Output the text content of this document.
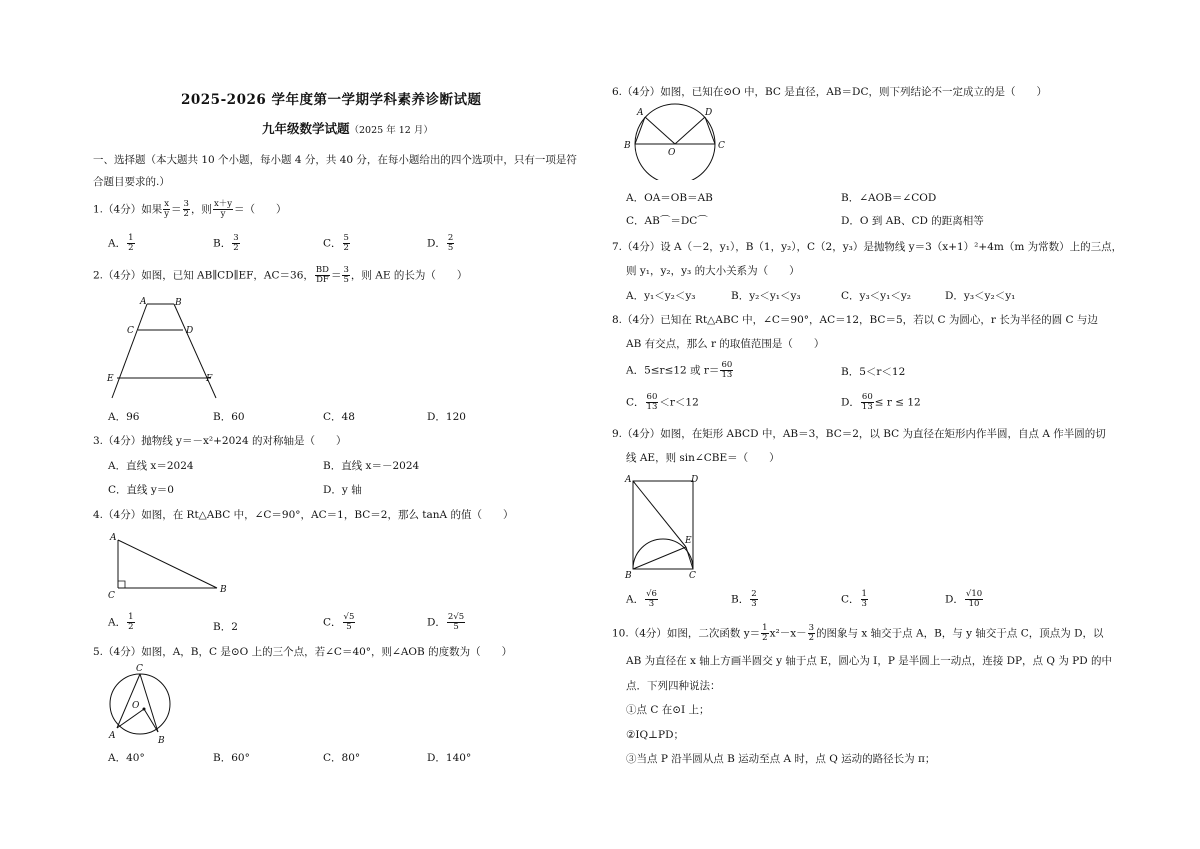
2025-2026 学年度第一学期学科素养诊断试题
九年级数学试题（2025 年 12 月）
一、选择题（本大题共 10 个小题，每小题 4 分，共 40 分，在每小题给出的四个选项中，只有一项是符
合题目要求的.）
1.（4分）如果 $\frac{x}{y} = \frac{3}{2}$ ，则 $\frac{x+y}{y}$ ＝（　　）
A． $\frac{1}{2}$	B． $\frac{3}{2}$	C． $\frac{5}{2}$	D． $\frac{2}{5}$
2.（4分）如图，已知 AB∥CD∥EF，AC＝36， $\frac{BD}{DF} = \frac{3}{5}$ ，则 AE 的长为（　　）
A	B
C	D
E	F
A．96	B．60	C．48	D．120
3.（4分）抛物线 y＝－x²+2024 的对称轴是（　　）
A．直线 x＝2024	B．直线 x＝－2024
C．直线 y＝0	D．y 轴
4.（4分）如图，在 Rt△ABC 中，∠C＝90°，AC＝1，BC＝2，那么 tanA 的值（　　）
A
C
B
A． $\frac{1}{2}$	B．2	C． $\frac{√5}{5}$	D． $\frac{2√5}{5}$
5.（4分）如图，A，B，C 是⊙O 上的三个点，若∠C＝40°，则∠AOB 的度数为（　　）
C
O
A	B
A．40°	B．60°	C．80°	D．140°
6.（4分）如图，已知在⊙O 中，BC 是直径，AB＝DC，则下列结论不一定成立的是（　　）
A	D
B
O
C
A．OA＝OB＝AB	B．∠AOB＝∠COD
C．AB⌒＝DC⌒	D．O 到 AB、CD 的距离相等
7.（4分）设 A（－2，y₁），B（1，y₂），C（2，y₃）是抛物线 y＝3（x+1）²+4m（m 为常数）上的三点，
则 y₁，y₂，y₃ 的大小关系为（　　）
A．y₁＜y₂＜y₃	B．y₂＜y₁＜y₃	C．y₃＜y₁＜y₂	D．y₃＜y₂＜y₁
8.（4分）已知在 Rt△ABC 中，∠C＝90°，AC＝12，BC＝5，若以 C 为圆心，r 长为半径的圆 C 与边
AB 有交点，那么 r 的取值范围是（　　）
A．5≤r≤12 或 $r= \frac{60}{13}$	B．5＜r＜12
C． $\frac{60}{13} <r<12$	D． $\frac{60}{13} \le r \le 12$
9.（4分）如图，在矩形 ABCD 中，AB＝3，BC＝2，以 BC 为直径在矩形内作半圆，自点 A 作半圆的切
线 AE，则 sin∠CBE＝（　　）
A	D
E
B	C
A． $\frac{√6}{3}$	B． $\frac{2}{3}$	C． $\frac{1}{3}$	D． $\frac{√10}{10}$
10.（4分）如图，二次函数 $y= \frac{1}{2} x^2-x- \frac{3}{2}$ 的图象与 x 轴交于点 A，B，与 y 轴交于点 C，顶点为 D，以
AB 为直径在 x 轴上方画半圆交 y 轴于点 E，圆心为 I，P 是半圆上一动点，连接 DP，点 Q 为 PD 的中
点．下列四种说法：
①点 C 在⊙I 上；
②IQ⊥PD；
③当点 P 沿半圆从点 B 运动至点 A 时，点 Q 运动的路径长为 π；
